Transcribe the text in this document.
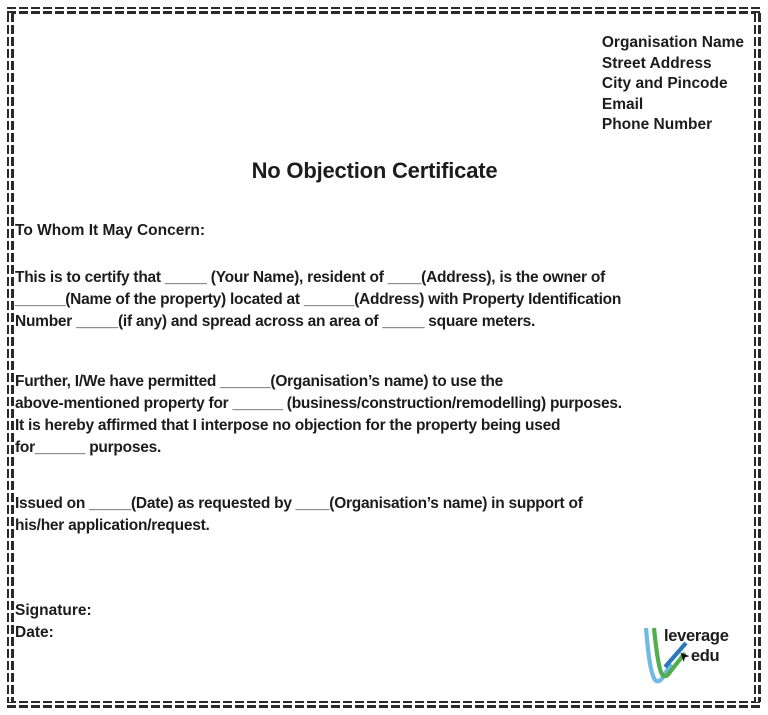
Organisation Name
Street Address
City and Pincode
Email
Phone Number
No Objection Certificate

To Whom It May Concern:

This is to certify that _____ (Your Name), resident of ____(Address), is the owner of
______(Name of the property) located at ______(Address) with Property Identification
Number _____(if any) and spread across an area of _____ square meters.

Further, I/We have permitted ______(Organisation’s name) to use the
above-mentioned property for ______ (business/construction/remodelling) purposes.
It is hereby affirmed that I interpose no objection for the property being used
for______ purposes.

Issued on _____(Date) as requested by ____(Organisation’s name) in support of
his/her application/request.

Signature:
Date:	leverage
➤
edu
